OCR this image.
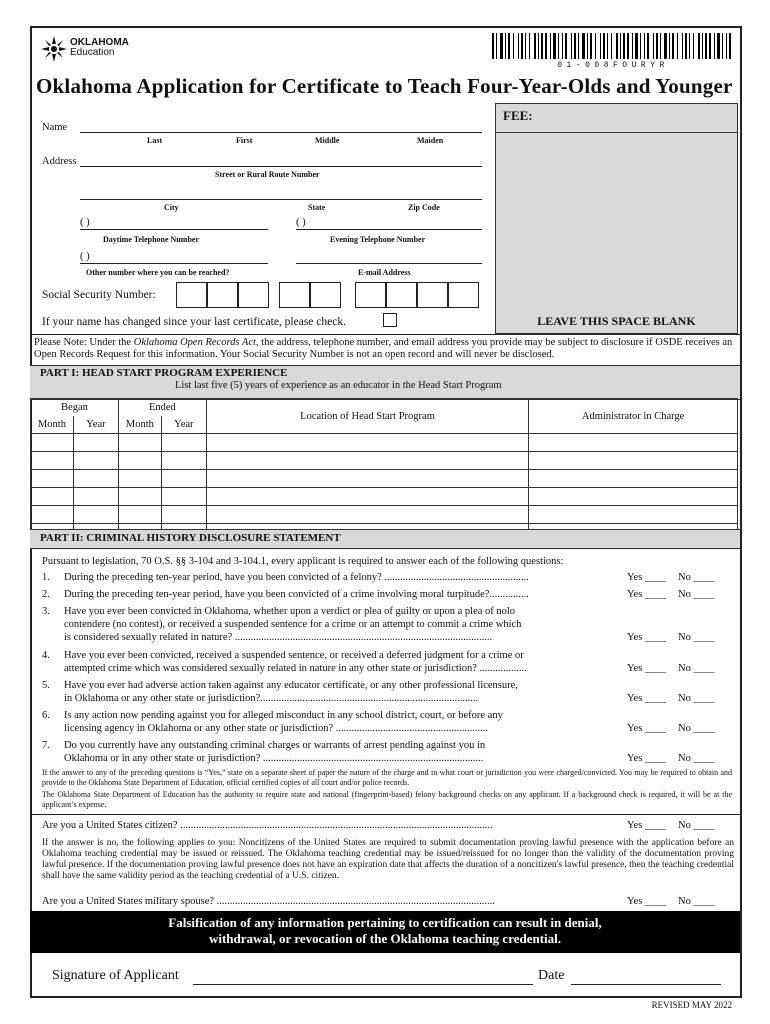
OKLAHOMA
Education
01-008FOURYR
Oklahoma Application for Certificate to Teach Four-Year-Olds and Younger
FEE:
LEAVE THIS SPACE BLANK
Name
Last	First	Middle	Maiden
Address
Street or Rural Route Number
City	State	Zip Code
( )
Daytime Telephone Number
( )
Evening Telephone Number
( )
Other number where you can be reached?	E-mail Address
Social Security Number:
If your name has changed since your last certificate, please check.
Please Note: Under the Oklahoma Open Records Act, the address, telephone number, and email address you provide may be subject to disclosure if OSDE receives an Open Records Request for this information. Your Social Security Number is not an open record and will never be disclosed.
PART I: HEAD START PROGRAM EXPERIENCE
List last five (5) years of experience as an educator in the Head Start Program
Began		Ended		Location of Head Start Program	Administrator in Charge
Month	Year	Month	Year		

PART II: CRIMINAL HISTORY DISCLOSURE STATEMENT
Pursuant to legislation, 70 O.S. §§ 3-104 and 3-104.1, every applicant is required to answer each of the following questions:
1. During the preceding ten-year period, have you been convicted of a felony? .......................................................	Yes ____ No ____
2. During the preceding ten-year period, have you been convicted of a crime involving moral turpitude?...............	Yes ____ No ____
3. Have you ever been convicted in Oklahoma, whether upon a verdict or plea of guilty or upon a plea of nolo
contendere (no contest), or received a suspended sentence for a crime or an attempt to commit a crime which
is considered sexually related in nature? ..................................................................................................	Yes ____ No ____
4. Have you ever been convicted, received a suspended sentence, or received a deferred judgment for a crime or
attempted crime which was considered sexually related in nature in any other state or jurisdiction? ..................	Yes ____ No ____
5. Have you ever had adverse action taken against any educator certificate, or any other professional licensure,
in Oklahoma or any other state or jurisdiction?...................................................................................	Yes ____ No ____
6. Is any action now pending against you for alleged misconduct in any school district, court, or before any
licensing agency in Oklahoma or any other state or jurisdiction? ..........................................................	Yes ____ No ____
7. Do you currently have any outstanding criminal charges or warrants of arrest pending against you in
Oklahoma or in any other state or jurisdiction? ....................................................................................	Yes ____ No ____
If the answer to any of the preceding questions is “Yes,” state on a separate sheet of paper the nature of the charge and in what court or jurisdiction you were charged/convicted. You may be required to obtain and provide to the Oklahoma State Department of Education, official certified copies of all court and/or police records.
The Oklahoma State Department of Education has the authority to require state and national (fingerprint-based) felony background checks on any applicant. If a background check is required, it will be at the applicant’s expense.
Are you a United States citizen? .......................................................................................................................	Yes ____ No ____
If the answer is no, the following applies to you: Noncitizens of the United States are required to submit documentation proving lawful presence with the application before an Oklahoma teaching credential may be issued or reissued. The Oklahoma teaching credential may be issued/reissued for no longer than the validity of the documentation proving lawful presence. If the documentation proving lawful presence does not have an expiration date that affects the duration of a noncitizen's lawful presence, then the teaching credential shall have the same validity period as the teaching credential of a U.S. citizen.
Are you a United States military spouse? ..........................................................................................................	Yes ____ No ____
Falsification of any information pertaining to certification can result in denial,
withdrawal, or revocation of the Oklahoma teaching credential.
Signature of Applicant	Date
REVISED MAY 2022
